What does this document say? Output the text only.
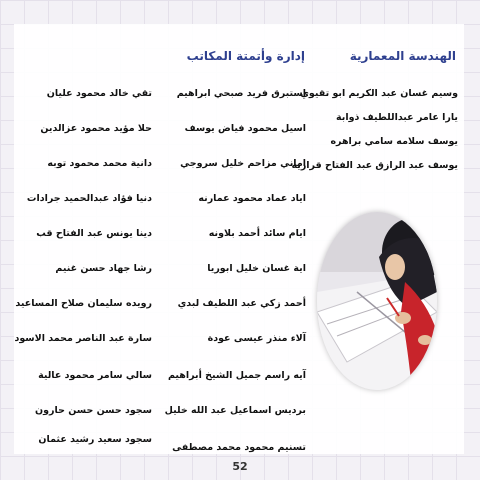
الهندسة المعمارية
إدارة وأتمتة المكاتب
وسيم غسان عبد الكريم ابو تقيوي
يارا عامر عبداللطيف ذوابة
يوسف سلامه سامي براهره
يوسف عبد الرازق عبد الفتاح قراريه
استبرق فريد صبحي ابراهيم
اسيل محمود فياض يوسف
اماني مزاحم خليل سروجي
اياد عماد محمود عمارنه
ايام سائد أحمد بلاونه
اية غسان خليل ابوريا
أحمد زكي عبد اللطيف لبدي
آلاء منذر عيسى عودة
آيه راسم جميل الشيخ أبراهيم
برديس اسماعيل عبد الله خليل
تسنيم محمود محمد مصطفى
تقي خالد محمود عليان
حلا مؤيد محمود عزالدين
دانية محمد محمود توبه
دنيا فؤاد عبدالحميد جرادات
دينا يونس عبد الفتاح قب
رشا جهاد حسن غنيم
رويده سليمان صلاح المساعيد
سارة عبد الناصر محمد الاسود
سالي سامر محمود عالية
سجود حسن حسن حارون
سجود سعيد رشيد عثمان
52
